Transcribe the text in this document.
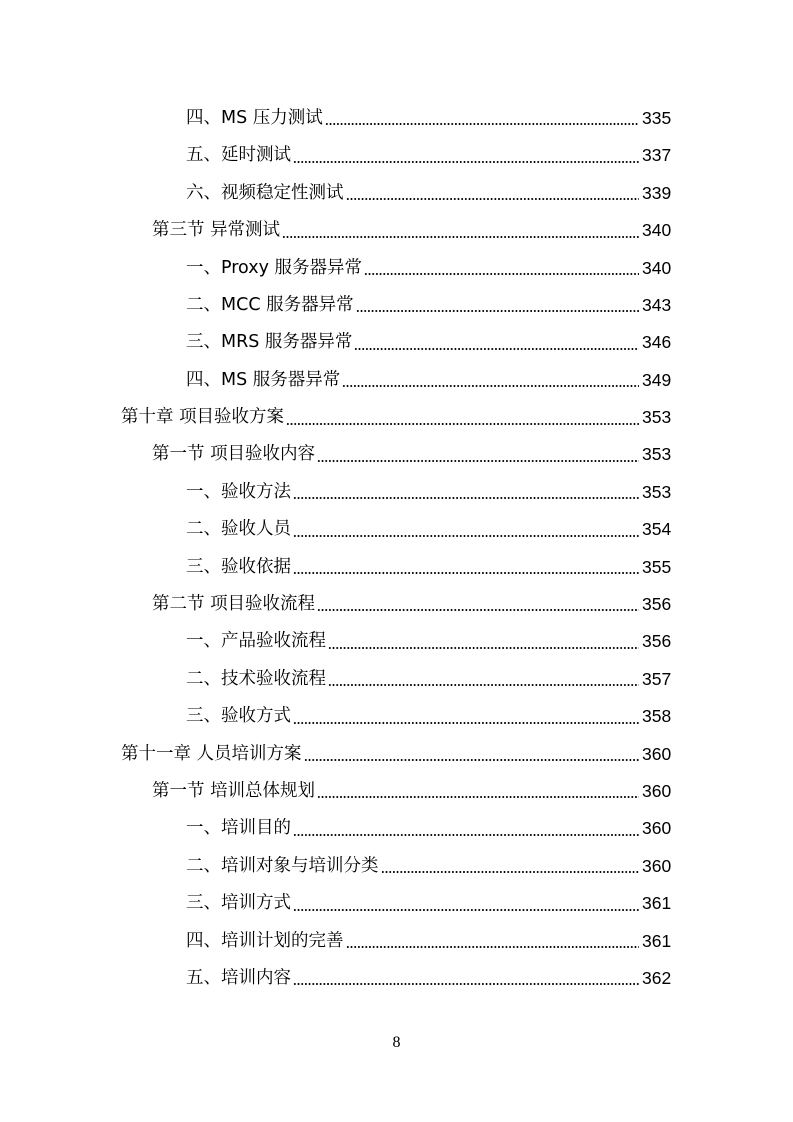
四、MS 压力测试	335
五、延时测试	337
六、视频稳定性测试	339
第三节 异常测试	340
一、Proxy 服务器异常	340
二、MCC 服务器异常	343
三、MRS 服务器异常	346
四、MS 服务器异常	349
第十章 项目验收方案	353
第一节 项目验收内容	353
一、验收方法	353
二、验收人员	354
三、验收依据	355
第二节 项目验收流程	356
一、产品验收流程	356
二、技术验收流程	357
三、验收方式	358
第十一章 人员培训方案	360
第一节 培训总体规划	360
一、培训目的	360
二、培训对象与培训分类	360
三、培训方式	361
四、培训计划的完善	361
五、培训内容	362
8
